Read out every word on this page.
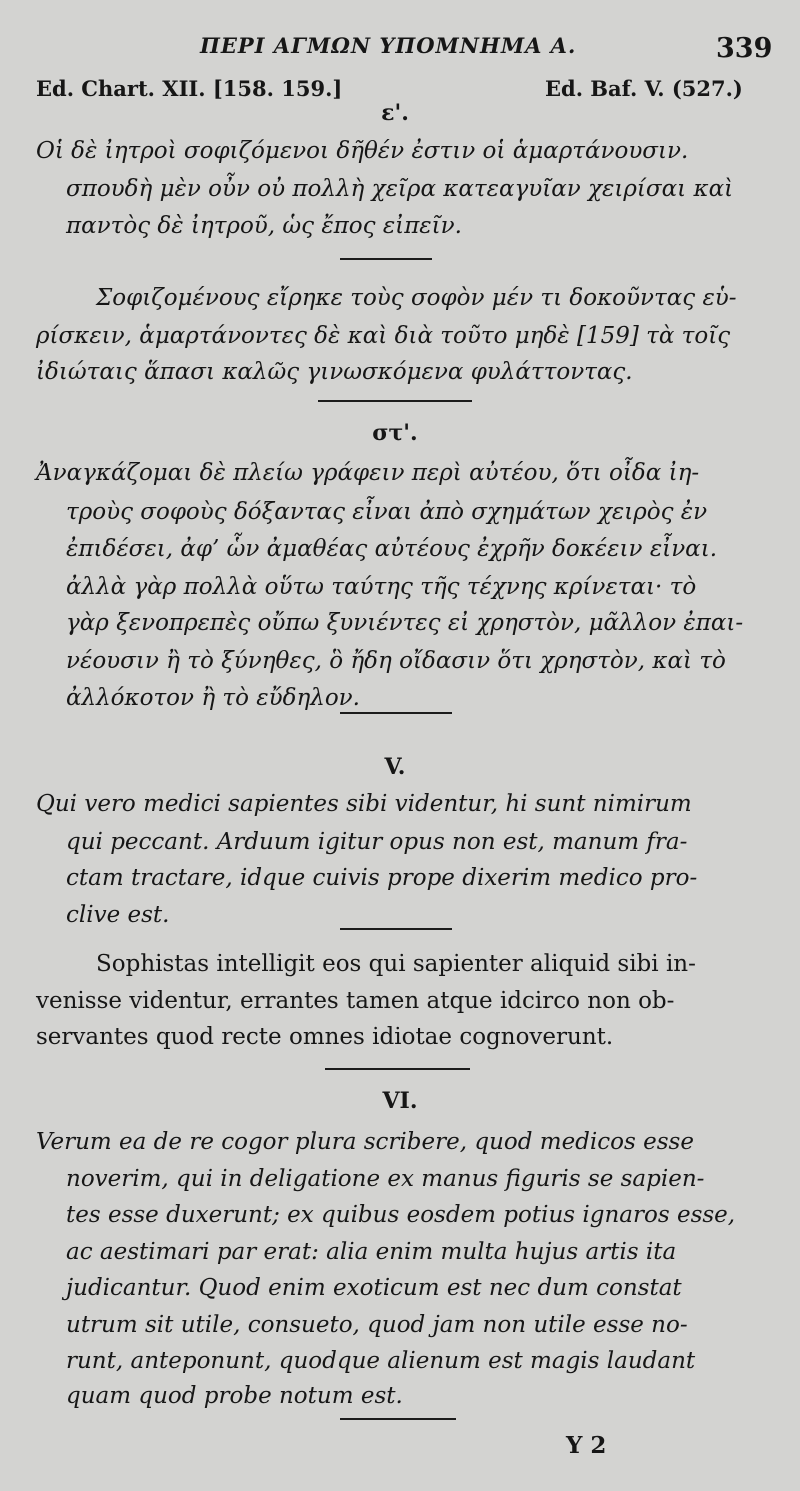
ΠΕΡΙ ΑΓΜΩΝ ΥΠΟΜΝΗΜΑ Α.	339
Ed. Chart. XII. [158. 159.]	Ed. Baf. V. (527.)
ε'.
Οἱ δὲ ἰητροὶ σοφιζόμενοι δῆθέν ἐστιν οἱ ἁμαρτάνουσιν.
σπουδὴ μὲν οὖν οὐ πολλὴ χεῖρα κατεαγυῖαν χειρίσαι καὶ
παντὸς δὲ ἰητροῦ, ὡς ἔπος εἰπεῖν.
Σοφιζομένους εἴρηκε τοὺς σοφὸν μέν τι δοκοῦντας εὑ-
ρίσκειν, ἁμαρτάνοντες δὲ καὶ διὰ τοῦτο μηδὲ [159] τὰ τοῖς
ἰδιώταις ἅπασι καλῶς γινωσκόμενα φυλάττοντας.
στ'.
Ἀναγκάζομαι δὲ πλείω γράφειν περὶ αὐτέου, ὅτι οἶδα ἰη-
τροὺς σοφοὺς δόξαντας εἶναι ἀπὸ σχημάτων χειρὸς ἐν
ἐπιδέσει, ἀφ’ ὧν ἀμαθέας αὐτέους ἐχρῆν δοκέειν εἶναι.
ἀλλὰ γὰρ πολλὰ οὕτω ταύτης τῆς τέχνης κρίνεται· τὸ
γὰρ ξενοπρεπὲς οὔπω ξυνιέντες εἰ χρηστὸν, μᾶλλον ἐπαι-
νέουσιν ἢ τὸ ξύνηθες, ὃ ἤδη οἴδασιν ὅτι χρηστὸν, καὶ τὸ
ἀλλόκοτον ἢ τὸ εὔδηλον.
V.
Qui vero medici sapientes sibi videntur, hi sunt nimirum
qui peccant. Arduum igitur opus non est, manum fra-
ctam tractare, idque cuivis prope dixerim medico pro-
clive est.
Sophistas intelligit eos qui sapienter aliquid sibi in-
venisse videntur, errantes tamen atque idcirco non ob-
servantes quod recte omnes idiotae cognoverunt.
VI.
Verum ea de re cogor plura scribere, quod medicos esse
noverim, qui in deligatione ex manus figuris se sapien-
tes esse duxerunt; ex quibus eosdem potius ignaros esse,
ac aestimari par erat: alia enim multa hujus artis ita
judicantur. Quod enim exoticum est nec dum constat
utrum sit utile, consueto, quod jam non utile esse no-
runt, anteponunt, quodque alienum est magis laudant
quam quod probe notum est.
Y 2
